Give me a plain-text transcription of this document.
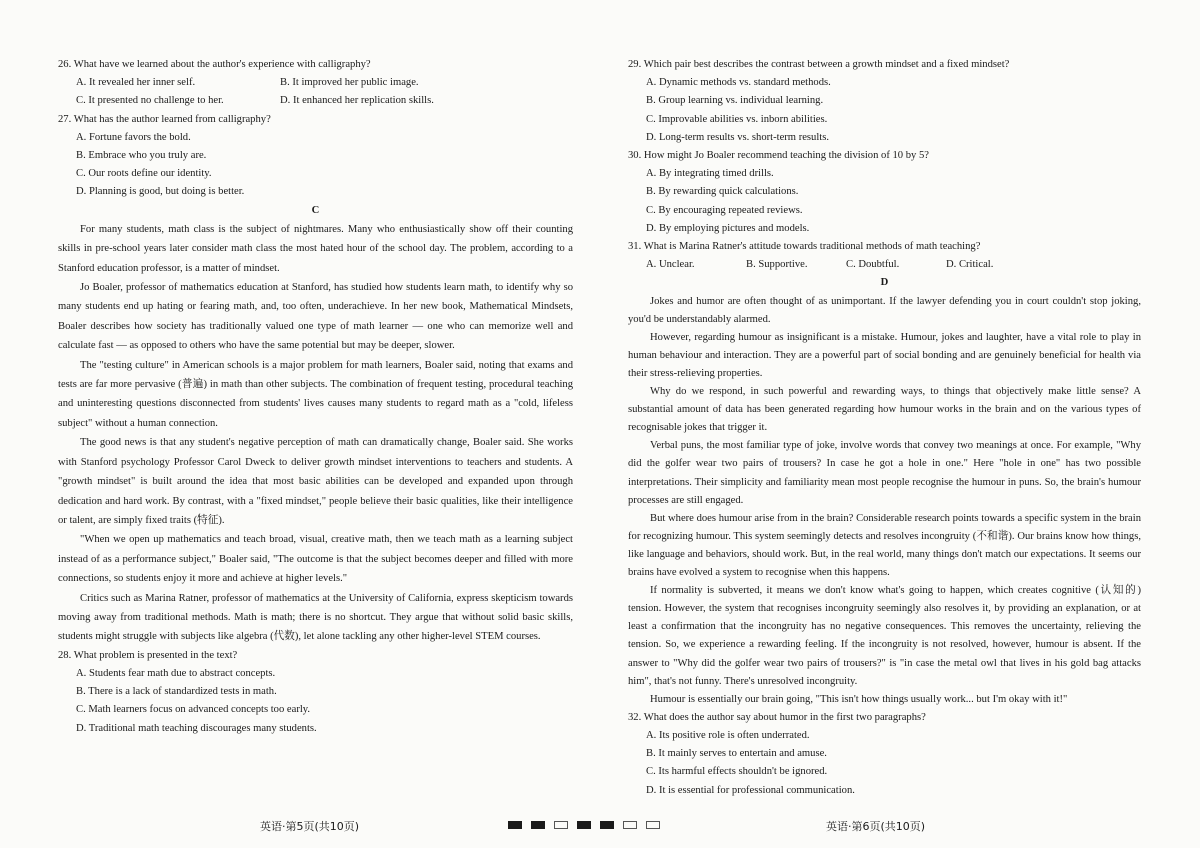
26. What have we learned about the author's experience with calligraphy?

A. It revealed her inner self.	B. It improved her public image.

C. It presented no challenge to her.	D. It enhanced her replication skills.

27. What has the author learned from calligraphy?

A. Fortune favors the bold.

B. Embrace who you truly are.

C. Our roots define our identity.

D. Planning is good, but doing is better.

C

For many students, math class is the subject of nightmares. Many who enthusiastically show off their counting skills in pre-school years later consider math class the most hated hour of the school day. The problem, according to a Stanford education professor, is a matter of mindset.

Jo Boaler, professor of mathematics education at Stanford, has studied how students learn math, to identify why so many students end up hating or fearing math, and, too often, underachieve. In her new book, Mathematical Mindsets, Boaler describes how society has traditionally valued one type of math learner — one who can memorize well and calculate fast — as opposed to others who have the same potential but may be deeper, slower.

The "testing culture" in American schools is a major problem for math learners, Boaler said, noting that exams and tests are far more pervasive (普遍) in math than other subjects. The combination of frequent testing, procedural teaching and uninteresting questions disconnected from students' lives causes many students to regard math as a "cold, lifeless subject" without a human connection.

The good news is that any student's negative perception of math can dramatically change, Boaler said. She works with Stanford psychology Professor Carol Dweck to deliver growth mindset interventions to teachers and students. A "growth mindset" is built around the idea that most basic abilities can be developed and expanded upon through dedication and hard work. By contrast, with a "fixed mindset," people believe their basic qualities, like their intelligence or talent, are simply fixed traits (特征).

"When we open up mathematics and teach broad, visual, creative math, then we teach math as a learning subject instead of as a performance subject," Boaler said, "The outcome is that the subject becomes deeper and filled with more connections, so students enjoy it more and achieve at higher levels."

Critics such as Marina Ratner, professor of mathematics at the University of California, express skepticism towards moving away from traditional methods. Math is math; there is no shortcut. They argue that without solid basic skills, students might struggle with subjects like algebra (代数), let alone tackling any other higher-level STEM courses.

28. What problem is presented in the text?

A. Students fear math due to abstract concepts.

B. There is a lack of standardized tests in math.

C. Math learners focus on advanced concepts too early.

D. Traditional math teaching discourages many students.

29. Which pair best describes the contrast between a growth mindset and a fixed mindset?

A. Dynamic methods vs. standard methods.

B. Group learning vs. individual learning.

C. Improvable abilities vs. inborn abilities.

D. Long-term results vs. short-term results.

30. How might Jo Boaler recommend teaching the division of 10 by 5?

A. By integrating timed drills.

B. By rewarding quick calculations.

C. By encouraging repeated reviews.

D. By employing pictures and models.

31. What is Marina Ratner's attitude towards traditional methods of math teaching?

A. Unclear.	B. Supportive.	C. Doubtful.	D. Critical.

D

Jokes and humor are often thought of as unimportant. If the lawyer defending you in court couldn't stop joking, you'd be understandably alarmed.

However, regarding humour as insignificant is a mistake. Humour, jokes and laughter, have a vital role to play in human behaviour and interaction. They are a powerful part of social bonding and are genuinely beneficial for health via their stress-relieving properties.

Why do we respond, in such powerful and rewarding ways, to things that objectively make little sense? A substantial amount of data has been generated regarding how humour works in the brain and on the various types of recognisable jokes that trigger it.

Verbal puns, the most familiar type of joke, involve words that convey two meanings at once. For example, "Why did the golfer wear two pairs of trousers? In case he got a hole in one." Here "hole in one" has two possible interpretations. Their simplicity and familiarity mean most people recognise the humour in puns. So, the brain's humour processes are still engaged.

But where does humour arise from in the brain? Considerable research points towards a specific system in the brain for recognizing humour. This system seemingly detects and resolves incongruity (不和谐). Our brains know how things, like language and behaviors, should work. But, in the real world, many things don't match our expectations. It seems our brains have evolved a system to recognise when this happens.

If normality is subverted, it means we don't know what's going to happen, which creates cognitive (认知的) tension. However, the system that recognises incongruity seemingly also resolves it, by providing an explanation, or at least a confirmation that the incongruity has no negative consequences. This removes the uncertainty, relieving the tension. So, we experience a rewarding feeling. If the incongruity is not resolved, however, humour is absent. If the answer to "Why did the golfer wear two pairs of trousers?" is "in case the metal owl that lives in his gold bag attacks him", that's not funny. There's unresolved incongruity.

Humour is essentially our brain going, "This isn't how things usually work... but I'm okay with it!"

32. What does the author say about humor in the first two paragraphs?

A. Its positive role is often underrated.

B. It mainly serves to entertain and amuse.

C. Its harmful effects shouldn't be ignored.

D. It is essential for professional communication.

英语·第5页(共10页)	英语·第6页(共10页)
